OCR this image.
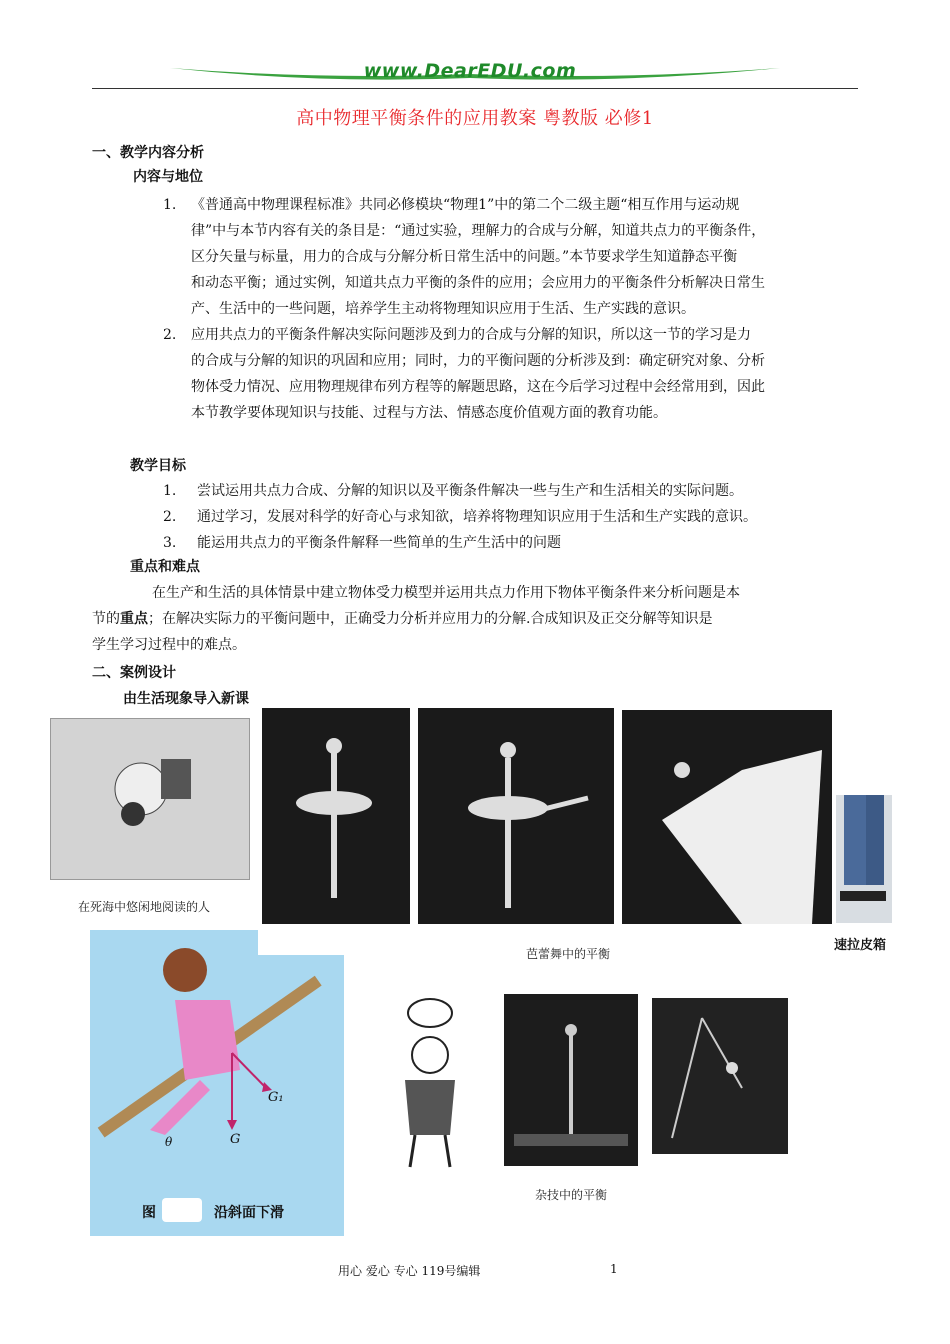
www.DearEDU.com
高中物理平衡条件的应用教案 粤教版 必修1
一、教学内容分析
内容与地位
1. 《普通高中物理课程标准》共同必修模块“物理1”中的第二个二级主题“相互作用与运动规
律”中与本节内容有关的条目是：“通过实验，理解力的合成与分解，知道共点力的平衡条件，
区分矢量与标量，用力的合成与分解分析日常生活中的问题。”本节要求学生知道静态平衡
和动态平衡；通过实例，知道共点力平衡的条件的应用；会应用力的平衡条件分析解决日常生
产、生活中的一些问题，培养学生主动将物理知识应用于生活、生产实践的意识。
2. 应用共点力的平衡条件解决实际问题涉及到力的合成与分解的知识，所以这一节的学习是力
的合成与分解的知识的巩固和应用；同时，力的平衡问题的分析涉及到：确定研究对象、分析
物体受力情况、应用物理规律布列方程等的解题思路，这在今后学习过程中会经常用到，因此
本节教学要体现知识与技能、过程与方法、情感态度价值观方面的教育功能。
教学目标
1. 尝试运用共点力合成、分解的知识以及平衡条件解决一些与生产和生活相关的实际问题。
2. 通过学习，发展对科学的好奇心与求知欲，培养将物理知识应用于生活和生产实践的意识。
3. 能运用共点力的平衡条件解释一些简单的生产生活中的问题
重点和难点
在生产和生活的具体情景中建立物体受力模型并运用共点力作用下物体平衡条件来分析问题是本
节的重点；在解决实际力的平衡问题中，正确受力分析并应用力的分解.合成知识及正交分解等知识是
学生学习过程中的难点。
二、案例设计
由生活现象导入新课
在死海中悠闲地阅读的人
芭蕾舞中的平衡
速拉皮箱
G
G₁
θ
图	沿斜面下滑
杂技中的平衡
用心 爱心 专心 119号编辑	1
